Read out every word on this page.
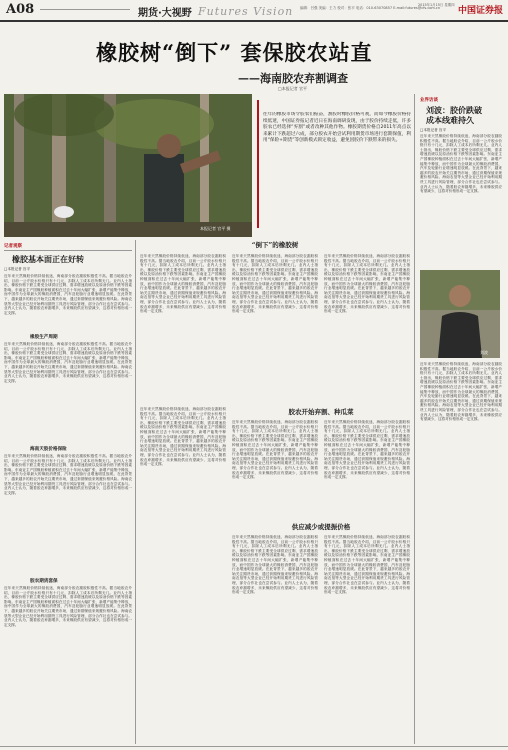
A08	期货·大视野 Futures Vision 编辑：吕强 美编：王力 校对：张平 电话：010-63070857 E-mail:futures@cfs.com.cn 中国证券报
2015年1月15日 星期四
橡胶树“倒下” 套保胶农站直
——海南胶农弃割调查
□本报记者 官平
本报记者 官平 摄
往年的橡胶市场令胶农们振奋，割胶时橡胶价格可观，而如今橡胶价格持续低迷，中国证券报记者近日在海南调研发现，由于胶价持续走低，许多胶农已经选择“弃割”或者改种其他作物。橡胶期货价格自2011年高点以来累计下跌超过六成，部分胶农开始尝试利用期货市场进行套期保值，利用“保险+期货”等创新模式锁定收益，避免因胶价下跌带来的损失。
业界访谈
刘波：胶价跌破
成本线难持久
□本报记者 官平
近年来天然橡胶价格持续低迷，海南部分胶农割胶积极性不高。据当地胶农介绍，目前一公斤胶水价格只有十几元，扣除人工成本后所剩无几。业内人士指出，橡胶价格下跌主要受全球供应过剩、需求增速放缓以及原油价格下跌等因素影响。东南亚主产国橡胶种植面积在过去十年间大幅扩张，新增产能集中释放，而中国作为全球最大的橡胶消费国，汽车及轮胎行业增速明显放缓。在此背景下，越来越多的胶农开始关注期货市场，通过套期保值来规避价格风险。海南农垦等大型企业已经开始利用期货工具进行风险管理，部分合作社也在尝试参与。业内人士认为，随着胶农弃割增多，未来橡胶供应有望减少，这将对价格形成一定支撑。
刘波
近年来天然橡胶价格持续低迷，海南部分胶农割胶积极性不高。据当地胶农介绍，目前一公斤胶水价格只有十几元，扣除人工成本后所剩无几。业内人士指出，橡胶价格下跌主要受全球供应过剩、需求增速放缓以及原油价格下跌等因素影响。东南亚主产国橡胶种植面积在过去十年间大幅扩张，新增产能集中释放，而中国作为全球最大的橡胶消费国，汽车及轮胎行业增速明显放缓。在此背景下，越来越多的胶农开始关注期货市场，通过套期保值来规避价格风险。海南农垦等大型企业已经开始利用期货工具进行风险管理，部分合作社也在尝试参与。业内人士认为，随着胶农弃割增多，未来橡胶供应有望减少，这将对价格形成一定支撑。
记者观察
橡胶基本面正在好转
□本报记者 官平
近年来天然橡胶价格持续低迷，海南部分胶农割胶积极性不高。据当地胶农介绍，目前一公斤胶水价格只有十几元，扣除人工成本后所剩无几。业内人士指出，橡胶价格下跌主要受全球供应过剩、需求增速放缓以及原油价格下跌等因素影响。东南亚主产国橡胶种植面积在过去十年间大幅扩张，新增产能集中释放，而中国作为全球最大的橡胶消费国，汽车及轮胎行业增速明显放缓。在此背景下，越来越多的胶农开始关注期货市场，通过套期保值来规避价格风险。海南农垦等大型企业已经开始利用期货工具进行风险管理，部分合作社也在尝试参与。业内人士认为，随着胶农弃割增多，未来橡胶供应有望减少，这将对价格形成一定支撑。
橡胶生产周期
近年来天然橡胶价格持续低迷，海南部分胶农割胶积极性不高。据当地胶农介绍，目前一公斤胶水价格只有十几元，扣除人工成本后所剩无几。业内人士指出，橡胶价格下跌主要受全球供应过剩、需求增速放缓以及原油价格下跌等因素影响。东南亚主产国橡胶种植面积在过去十年间大幅扩张，新增产能集中释放，而中国作为全球最大的橡胶消费国，汽车及轮胎行业增速明显放缓。在此背景下，越来越多的胶农开始关注期货市场，通过套期保值来规避价格风险。海南农垦等大型企业已经开始利用期货工具进行风险管理，部分合作社也在尝试参与。业内人士认为，随着胶农弃割增多，未来橡胶供应有望减少，这将对价格形成一定支撑。
海南天胶价格保险
近年来天然橡胶价格持续低迷，海南部分胶农割胶积极性不高。据当地胶农介绍，目前一公斤胶水价格只有十几元，扣除人工成本后所剩无几。业内人士指出，橡胶价格下跌主要受全球供应过剩、需求增速放缓以及原油价格下跌等因素影响。东南亚主产国橡胶种植面积在过去十年间大幅扩张，新增产能集中释放，而中国作为全球最大的橡胶消费国，汽车及轮胎行业增速明显放缓。在此背景下，越来越多的胶农开始关注期货市场，通过套期保值来规避价格风险。海南农垦等大型企业已经开始利用期货工具进行风险管理，部分合作社也在尝试参与。业内人士认为，随着胶农弃割增多，未来橡胶供应有望减少，这将对价格形成一定支撑。
胶农期货套保
近年来天然橡胶价格持续低迷，海南部分胶农割胶积极性不高。据当地胶农介绍，目前一公斤胶水价格只有十几元，扣除人工成本后所剩无几。业内人士指出，橡胶价格下跌主要受全球供应过剩、需求增速放缓以及原油价格下跌等因素影响。东南亚主产国橡胶种植面积在过去十年间大幅扩张，新增产能集中释放，而中国作为全球最大的橡胶消费国，汽车及轮胎行业增速明显放缓。在此背景下，越来越多的胶农开始关注期货市场，通过套期保值来规避价格风险。海南农垦等大型企业已经开始利用期货工具进行风险管理，部分合作社也在尝试参与。业内人士认为，随着胶农弃割增多，未来橡胶供应有望减少，这将对价格形成一定支撑。
“倒下”的橡胶树
近年来天然橡胶价格持续低迷，海南部分胶农割胶积极性不高。据当地胶农介绍，目前一公斤胶水价格只有十几元，扣除人工成本后所剩无几。业内人士指出，橡胶价格下跌主要受全球供应过剩、需求增速放缓以及原油价格下跌等因素影响。东南亚主产国橡胶种植面积在过去十年间大幅扩张，新增产能集中释放，而中国作为全球最大的橡胶消费国，汽车及轮胎行业增速明显放缓。在此背景下，越来越多的胶农开始关注期货市场，通过套期保值来规避价格风险。海南农垦等大型企业已经开始利用期货工具进行风险管理，部分合作社也在尝试参与。业内人士认为，随着胶农弃割增多，未来橡胶供应有望减少，这将对价格形成一定支撑。
近年来天然橡胶价格持续低迷，海南部分胶农割胶积极性不高。据当地胶农介绍，目前一公斤胶水价格只有十几元，扣除人工成本后所剩无几。业内人士指出，橡胶价格下跌主要受全球供应过剩、需求增速放缓以及原油价格下跌等因素影响。东南亚主产国橡胶种植面积在过去十年间大幅扩张，新增产能集中释放，而中国作为全球最大的橡胶消费国，汽车及轮胎行业增速明显放缓。在此背景下，越来越多的胶农开始关注期货市场，通过套期保值来规避价格风险。海南农垦等大型企业已经开始利用期货工具进行风险管理，部分合作社也在尝试参与。业内人士认为，随着胶农弃割增多，未来橡胶供应有望减少，这将对价格形成一定支撑。
近年来天然橡胶价格持续低迷，海南部分胶农割胶积极性不高。据当地胶农介绍，目前一公斤胶水价格只有十几元，扣除人工成本后所剩无几。业内人士指出，橡胶价格下跌主要受全球供应过剩、需求增速放缓以及原油价格下跌等因素影响。东南亚主产国橡胶种植面积在过去十年间大幅扩张，新增产能集中释放，而中国作为全球最大的橡胶消费国，汽车及轮胎行业增速明显放缓。在此背景下，越来越多的胶农开始关注期货市场，通过套期保值来规避价格风险。海南农垦等大型企业已经开始利用期货工具进行风险管理，部分合作社也在尝试参与。业内人士认为，随着胶农弃割增多，未来橡胶供应有望减少，这将对价格形成一定支撑。
胶农开始弃割、种瓜菜
近年来天然橡胶价格持续低迷，海南部分胶农割胶积极性不高。据当地胶农介绍，目前一公斤胶水价格只有十几元，扣除人工成本后所剩无几。业内人士指出，橡胶价格下跌主要受全球供应过剩、需求增速放缓以及原油价格下跌等因素影响。东南亚主产国橡胶种植面积在过去十年间大幅扩张，新增产能集中释放，而中国作为全球最大的橡胶消费国，汽车及轮胎行业增速明显放缓。在此背景下，越来越多的胶农开始关注期货市场，通过套期保值来规避价格风险。海南农垦等大型企业已经开始利用期货工具进行风险管理，部分合作社也在尝试参与。业内人士认为，随着胶农弃割增多，未来橡胶供应有望减少，这将对价格形成一定支撑。
近年来天然橡胶价格持续低迷，海南部分胶农割胶积极性不高。据当地胶农介绍，目前一公斤胶水价格只有十几元，扣除人工成本后所剩无几。业内人士指出，橡胶价格下跌主要受全球供应过剩、需求增速放缓以及原油价格下跌等因素影响。东南亚主产国橡胶种植面积在过去十年间大幅扩张，新增产能集中释放，而中国作为全球最大的橡胶消费国，汽车及轮胎行业增速明显放缓。在此背景下，越来越多的胶农开始关注期货市场，通过套期保值来规避价格风险。海南农垦等大型企业已经开始利用期货工具进行风险管理，部分合作社也在尝试参与。业内人士认为，随着胶农弃割增多，未来橡胶供应有望减少，这将对价格形成一定支撑。
近年来天然橡胶价格持续低迷，海南部分胶农割胶积极性不高。据当地胶农介绍，目前一公斤胶水价格只有十几元，扣除人工成本后所剩无几。业内人士指出，橡胶价格下跌主要受全球供应过剩、需求增速放缓以及原油价格下跌等因素影响。东南亚主产国橡胶种植面积在过去十年间大幅扩张，新增产能集中释放，而中国作为全球最大的橡胶消费国，汽车及轮胎行业增速明显放缓。在此背景下，越来越多的胶农开始关注期货市场，通过套期保值来规避价格风险。海南农垦等大型企业已经开始利用期货工具进行风险管理，部分合作社也在尝试参与。业内人士认为，随着胶农弃割增多，未来橡胶供应有望减少，这将对价格形成一定支撑。
供应减少或提振价格
近年来天然橡胶价格持续低迷，海南部分胶农割胶积极性不高。据当地胶农介绍，目前一公斤胶水价格只有十几元，扣除人工成本后所剩无几。业内人士指出，橡胶价格下跌主要受全球供应过剩、需求增速放缓以及原油价格下跌等因素影响。东南亚主产国橡胶种植面积在过去十年间大幅扩张，新增产能集中释放，而中国作为全球最大的橡胶消费国，汽车及轮胎行业增速明显放缓。在此背景下，越来越多的胶农开始关注期货市场，通过套期保值来规避价格风险。海南农垦等大型企业已经开始利用期货工具进行风险管理，部分合作社也在尝试参与。业内人士认为，随着胶农弃割增多，未来橡胶供应有望减少，这将对价格形成一定支撑。
近年来天然橡胶价格持续低迷，海南部分胶农割胶积极性不高。据当地胶农介绍，目前一公斤胶水价格只有十几元，扣除人工成本后所剩无几。业内人士指出，橡胶价格下跌主要受全球供应过剩、需求增速放缓以及原油价格下跌等因素影响。东南亚主产国橡胶种植面积在过去十年间大幅扩张，新增产能集中释放，而中国作为全球最大的橡胶消费国，汽车及轮胎行业增速明显放缓。在此背景下，越来越多的胶农开始关注期货市场，通过套期保值来规避价格风险。海南农垦等大型企业已经开始利用期货工具进行风险管理，部分合作社也在尝试参与。业内人士认为，随着胶农弃割增多，未来橡胶供应有望减少，这将对价格形成一定支撑。
